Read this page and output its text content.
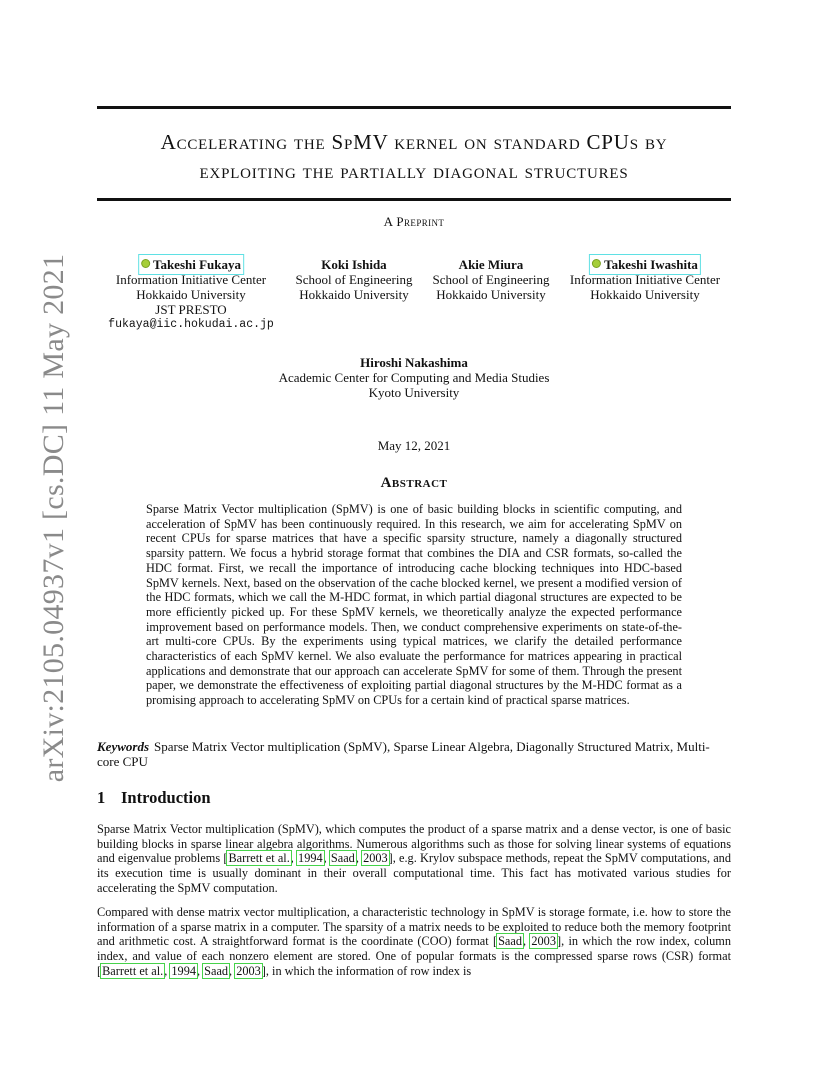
arXiv:2105.04937v1 [cs.DC] 11 May 2021
Accelerating the SpMV kernel on standard CPUs by
exploiting the partially diagonal structures
A Preprint
Takeshi Fukaya
Information Initiative Center
Hokkaido University
JST PRESTO
fukaya@iic.hokudai.ac.jp
Koki Ishida
School of Engineering
Hokkaido University
Akie Miura
School of Engineering
Hokkaido University
Takeshi Iwashita
Information Initiative Center
Hokkaido University
Hiroshi Nakashima
Academic Center for Computing and Media Studies
Kyoto University
May 12, 2021
Abstract
Sparse Matrix Vector multiplication (SpMV) is one of basic building blocks in scientific computing, and acceleration of SpMV has been continuously required. In this research, we aim for accelerating SpMV on recent CPUs for sparse matrices that have a specific sparsity structure, namely a diagonally structured sparsity pattern. We focus a hybrid storage format that combines the DIA and CSR formats, so-called the HDC format. First, we recall the importance of introducing cache blocking techniques into HDC-based SpMV kernels. Next, based on the observation of the cache blocked kernel, we present a modified version of the HDC formats, which we call the M-HDC format, in which partial diagonal structures are expected to be more efficiently picked up. For these SpMV kernels, we theoretically analyze the expected performance improvement based on performance models. Then, we conduct comprehensive experiments on state-of-the-art multi-core CPUs. By the experiments using typical matrices, we clarify the detailed performance characteristics of each SpMV kernel. We also evaluate the performance for matrices appearing in practical applications and demonstrate that our approach can accelerate SpMV for some of them. Through the present paper, we demonstrate the effectiveness of exploiting partial diagonal structures by the M-HDC format as a promising approach to accelerating SpMV on CPUs for a certain kind of practical sparse matrices.
Keywords Sparse Matrix Vector multiplication (SpMV), Sparse Linear Algebra, Diagonally Structured Matrix, Multi-core CPU
1 Introduction
Sparse Matrix Vector multiplication (SpMV), which computes the product of a sparse matrix and a dense vector, is one of basic building blocks in sparse linear algebra algorithms. Numerous algorithms such as those for solving linear systems of equations and eigenvalue problems [Barrett et al., 1994, Saad, 2003], e.g. Krylov subspace methods, repeat the SpMV computations, and its execution time is usually dominant in their overall computational time. This fact has motivated various studies for accelerating the SpMV computation.
Compared with dense matrix vector multiplication, a characteristic technology in SpMV is storage formate, i.e. how to store the information of a sparse matrix in a computer. The sparsity of a matrix needs to be exploited to reduce both the memory footprint and arithmetic cost. A straightforward format is the coordinate (COO) format [Saad, 2003], in which the row index, column index, and value of each nonzero element are stored. One of popular formats is the compressed sparse rows (CSR) format [Barrett et al., 1994, Saad, 2003], in which the information of row index is
